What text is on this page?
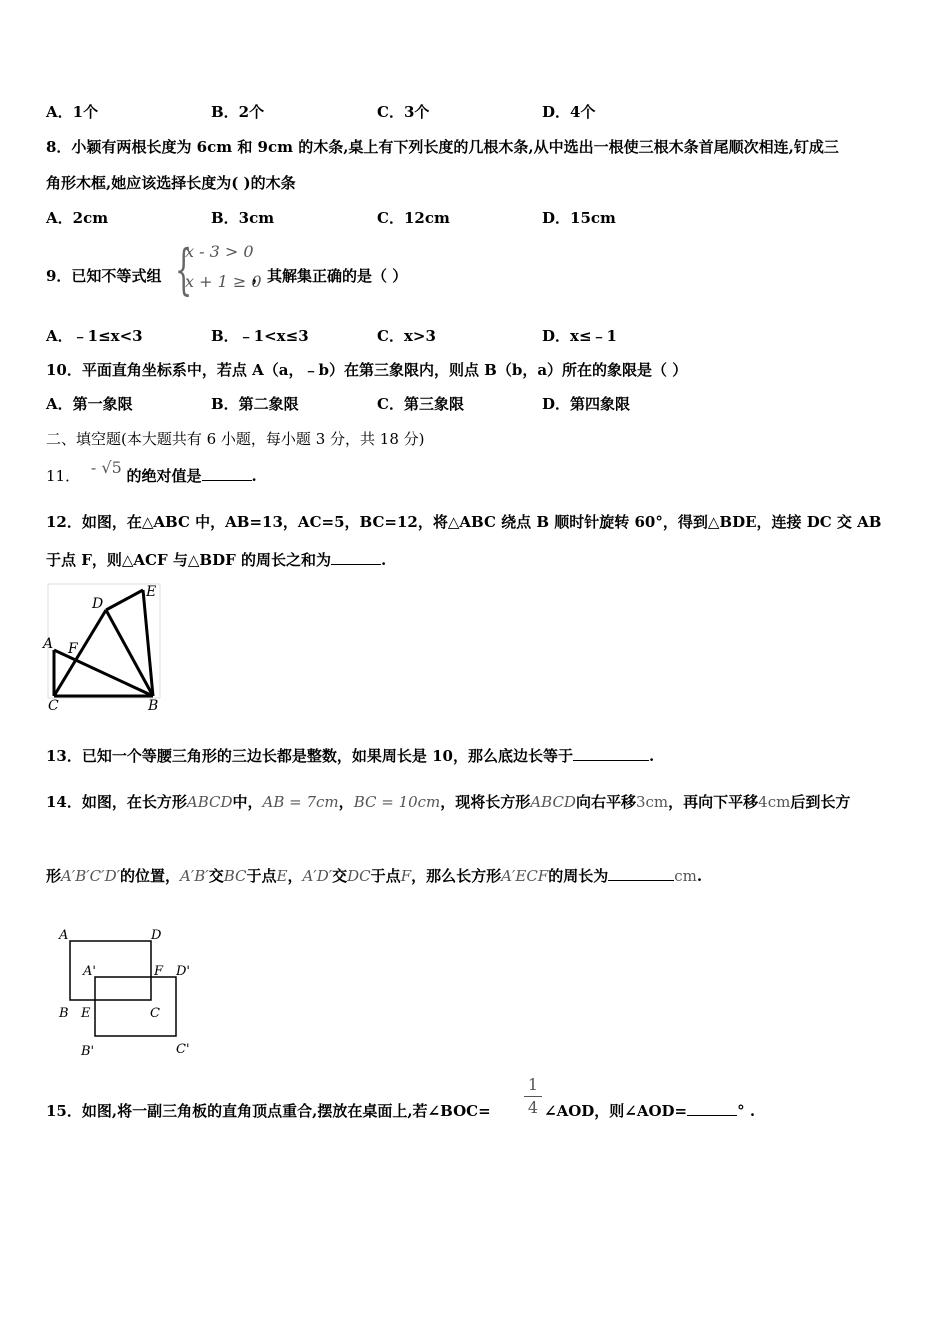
A．1个	B．2个	C．3个	D．4个
8．小颖有两根长度为 6cm 和 9cm 的木条,桌上有下列长度的几根木条,从中选出一根使三根木条首尾顺次相连,钉成三
角形木框,她应该选择长度为( )的木条
A．2cm	B．3cm	C．12cm	D．15cm
9．已知不等式组 {
x - 3 > 0
x + 1 ≥ 0
，其解集正确的是（ ）
A．﹣1≤x<3	B．﹣1<x≤3	C．x>3	D．x≤﹣1
10．平面直角坐标系中，若点 A（a，﹣b）在第三象限内，则点 B（b，a）所在的象限是（ ）
A．第一象限	B．第二象限	C．第三象限	D．第四象限
二、填空题(本大题共有 6 小题，每小题 3 分，共 18 分)
11． - √5 的绝对值是	.
12．如图，在△ABC 中，AB=13，AC=5，BC=12，将△ABC 绕点 B 顺时针旋转 60°，得到△BDE，连接 DC 交 AB
于点 F，则△ACF 与△BDF 的周长之和为	.
A
B
C
D
E
F
13．已知一个等腰三角形的三边长都是整数，如果周长是 10，那么底边长等于	.
14．如图，在长方形ABCD中，AB = 7cm，BC = 10cm，现将长方形ABCD向右平移3cm，再向下平移4cm后到长方
形A′B′C′D′的位置，A′B′交BC于点E，A′D′交DC于点F，那么长方形A′ECF的周长为	cm.
A	D
A'	F D'
B E	C
B'	C'
15．如图,将一副三角板的直角顶点重合,摆放在桌面上,若∠BOC=
1
4 ∠AOD，则∠AOD=	° .
